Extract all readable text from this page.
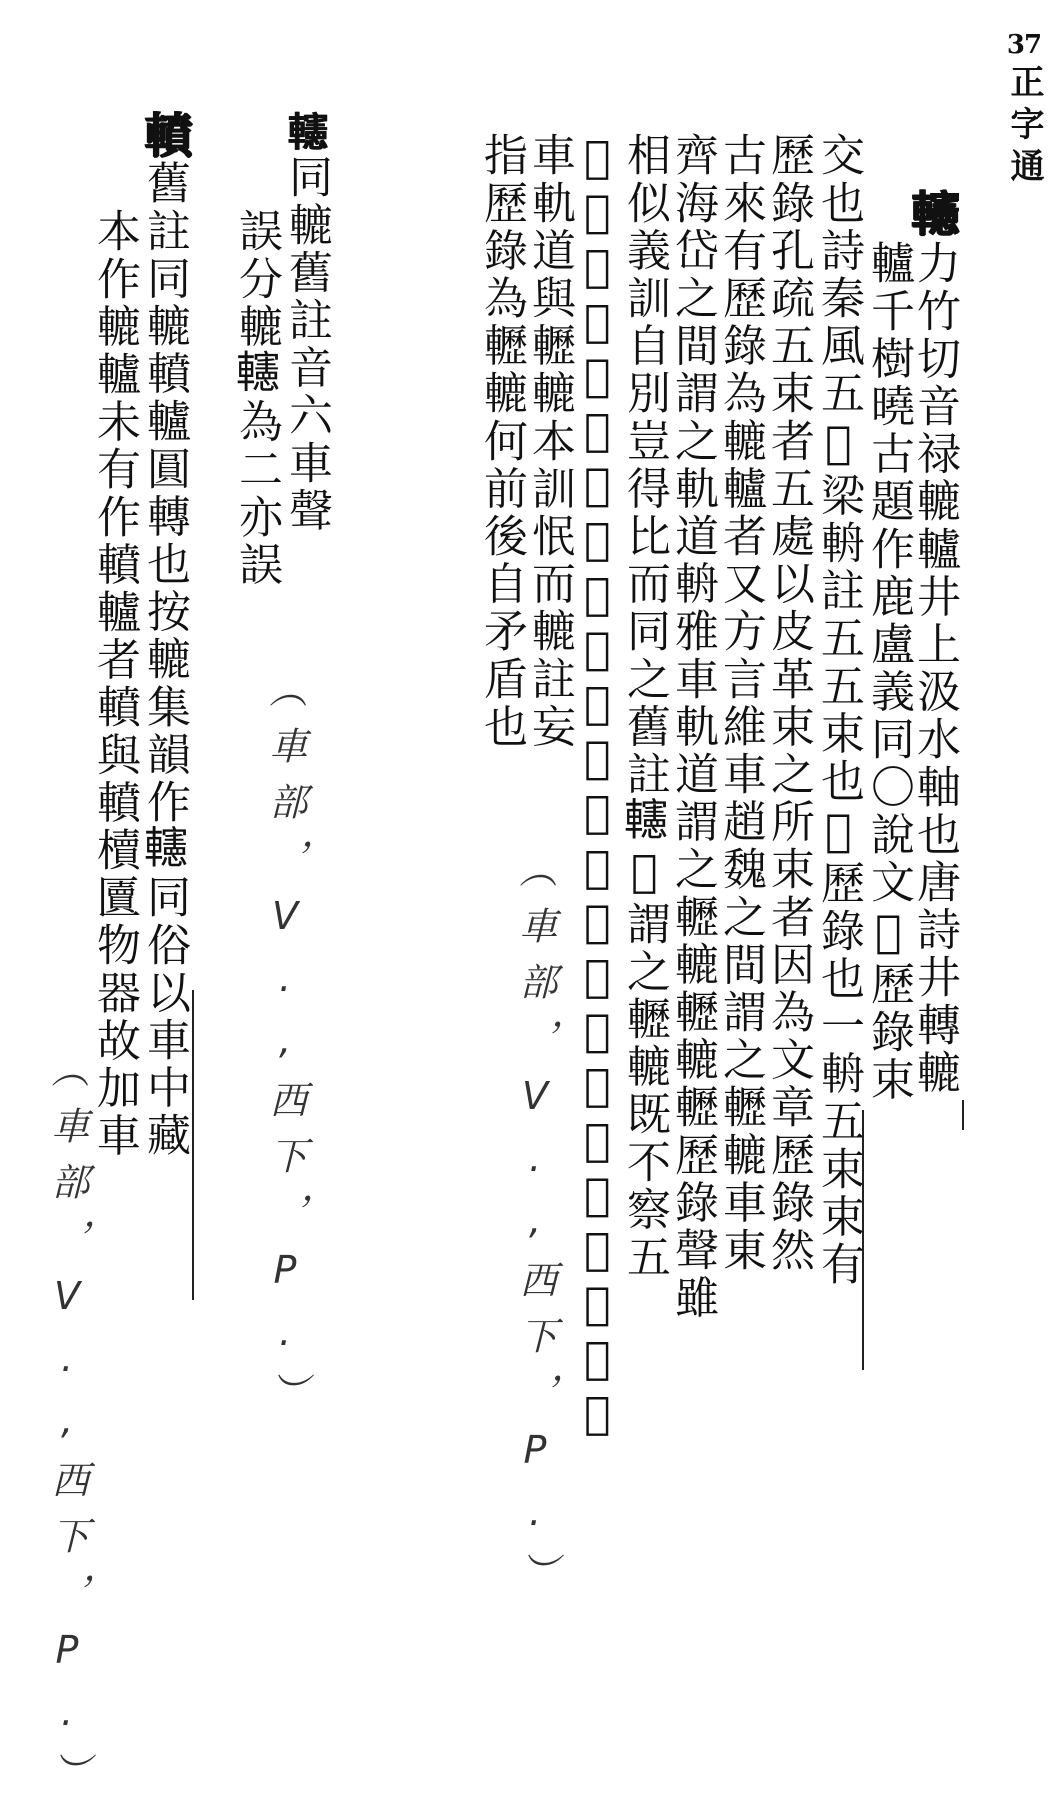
37
正字通
𨏥力竹切音禄轆轤井上汲水軸也唐詩井轉轆
轤千樹曉古題作鹿盧義同〇說文𨊙歷錄束
交也詩秦風五𨊙梁輈註五五束也𨊙歷錄也一輈五束束有
歷錄孔疏五束者五處以皮革束之所束者因為文章歷錄然
古來有歷錄為轆轤者又方言維車趙魏之間謂之轣轆車東
齊海岱之間謂之軌道輈雅車軌道謂之轣轆轣轆轣歷錄聲雖
相似義訓自別豈得比而同之舊註𨏥𨊙謂之轣轆既不察五
𨊙之𨊙兼不明歷錄之形可謂謬誤甚況井上無轣註引輈雅
車軌道與轣轆本訓怋而轆註妄
指歷錄為轣轆何前後自矛盾也
（車部，V.,西下，P.）
𨏥同轆舊註音六車聲
誤分轆𨏥為二亦誤
（車部，V.,西下，P.）
轒舊註同轆轒轤圓轉也按轆集韻作𨏥同俗以車中藏
本作轆轤未有作轒轤者轒與轒櫝匵物器故加車
（車部，V.,西下，P.）
